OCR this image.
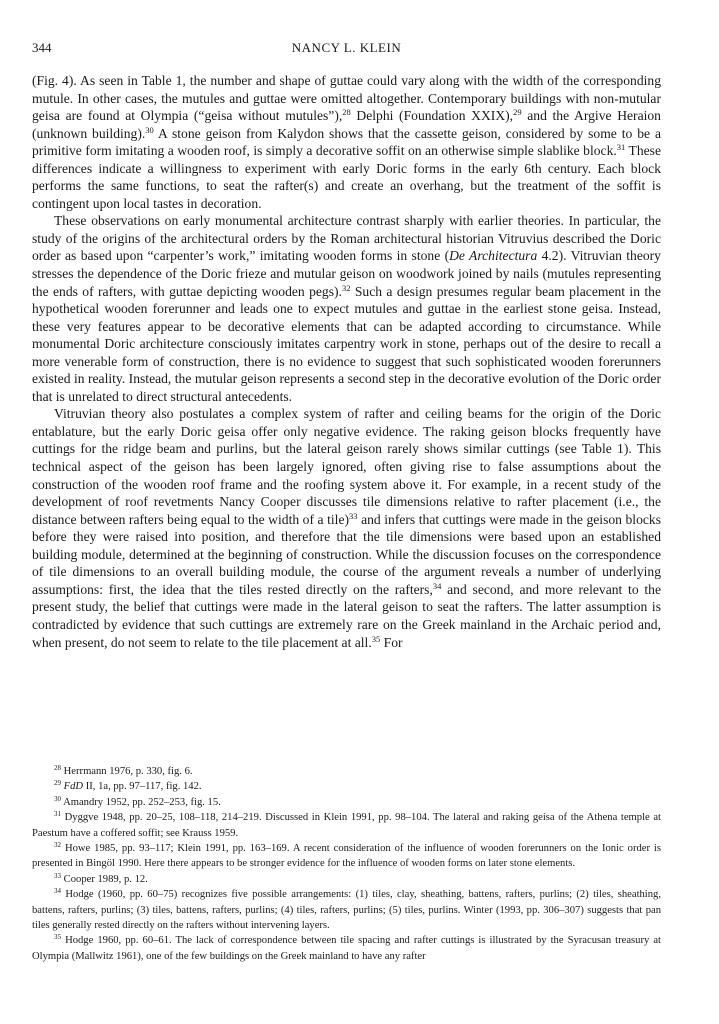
344	NANCY L. KLEIN

(Fig. 4). As seen in Table 1, the number and shape of guttae could vary along with the width of the corresponding mutule. In other cases, the mutules and guttae were omitted altogether. Contemporary buildings with non-mutular geisa are found at Olympia (“geisa without mutules”),$^{28}$ Delphi (Foundation XXIX),$^{29}$ and the Argive Heraion (unknown building).$^{30}$ A stone geison from Kalydon shows that the cassette geison, considered by some to be a primitive form imitating a wooden roof, is simply a decorative soffit on an otherwise simple slablike block.$^{31}$ These differences indicate a willingness to experiment with early Doric forms in the early 6th century. Each block performs the same functions, to seat the rafter(s) and create an overhang, but the treatment of the soffit is contingent upon local tastes in decoration.

These observations on early monumental architecture contrast sharply with earlier theories. In particular, the study of the origins of the architectural orders by the Roman architectural historian Vitruvius described the Doric order as based upon “carpenter’s work,” imitating wooden forms in stone (De Architectura 4.2). Vitruvian theory stresses the dependence of the Doric frieze and mutular geison on woodwork joined by nails (mutules representing the ends of rafters, with guttae depicting wooden pegs).$^{32}$ Such a design presumes regular beam placement in the hypothetical wooden forerunner and leads one to expect mutules and guttae in the earliest stone geisa. Instead, these very features appear to be decorative elements that can be adapted according to circumstance. While monumental Doric architecture consciously imitates carpentry work in stone, perhaps out of the desire to recall a more venerable form of construction, there is no evidence to suggest that such sophisticated wooden forerunners existed in reality. Instead, the mutular geison represents a second step in the decorative evolution of the Doric order that is unrelated to direct structural antecedents.

Vitruvian theory also postulates a complex system of rafter and ceiling beams for the origin of the Doric entablature, but the early Doric geisa offer only negative evidence. The raking geison blocks frequently have cuttings for the ridge beam and purlins, but the lateral geison rarely shows similar cuttings (see Table 1). This technical aspect of the geison has been largely ignored, often giving rise to false assumptions about the construction of the wooden roof frame and the roofing system above it. For example, in a recent study of the development of roof revetments Nancy Cooper discusses tile dimensions relative to rafter placement (i.e., the distance between rafters being equal to the width of a tile)$^{33}$ and infers that cuttings were made in the geison blocks before they were raised into position, and therefore that the tile dimensions were based upon an established building module, determined at the beginning of construction. While the discussion focuses on the correspondence of tile dimensions to an overall building module, the course of the argument reveals a number of underlying assumptions: first, the idea that the tiles rested directly on the rafters,$^{34}$ and second, and more relevant to the present study, the belief that cuttings were made in the lateral geison to seat the rafters. The latter assumption is contradicted by evidence that such cuttings are extremely rare on the Greek mainland in the Archaic period and, when present, do not seem to relate to the tile placement at all.$^{35}$ For

$^{28}$ Herrmann 1976, p. 330, fig. 6.

$^{29}$ FdD II, 1a, pp. 97–117, fig. 142.

$^{30}$ Amandry 1952, pp. 252–253, fig. 15.

$^{31}$ Dyggve 1948, pp. 20–25, 108–118, 214–219. Discussed in Klein 1991, pp. 98–104. The lateral and raking geisa of the Athena temple at Paestum have a coffered soffit; see Krauss 1959.

$^{32}$ Howe 1985, pp. 93–117; Klein 1991, pp. 163–169. A recent consideration of the influence of wooden forerunners on the Ionic order is presented in Bingöl 1990. Here there appears to be stronger evidence for the influence of wooden forms on later stone elements.

$^{33}$ Cooper 1989, p. 12.

$^{34}$ Hodge (1960, pp. 60–75) recognizes five possible arrangements: (1) tiles, clay, sheathing, battens, rafters, purlins; (2) tiles, sheathing, battens, rafters, purlins; (3) tiles, battens, rafters, purlins; (4) tiles, rafters, purlins; (5) tiles, purlins. Winter (1993, pp. 306–307) suggests that pan tiles generally rested directly on the rafters without intervening layers.

$^{35}$ Hodge 1960, pp. 60–61. The lack of correspondence between tile spacing and rafter cuttings is illustrated by the Syracusan treasury at Olympia (Mallwitz 1961), one of the few buildings on the Greek mainland to have any rafter
